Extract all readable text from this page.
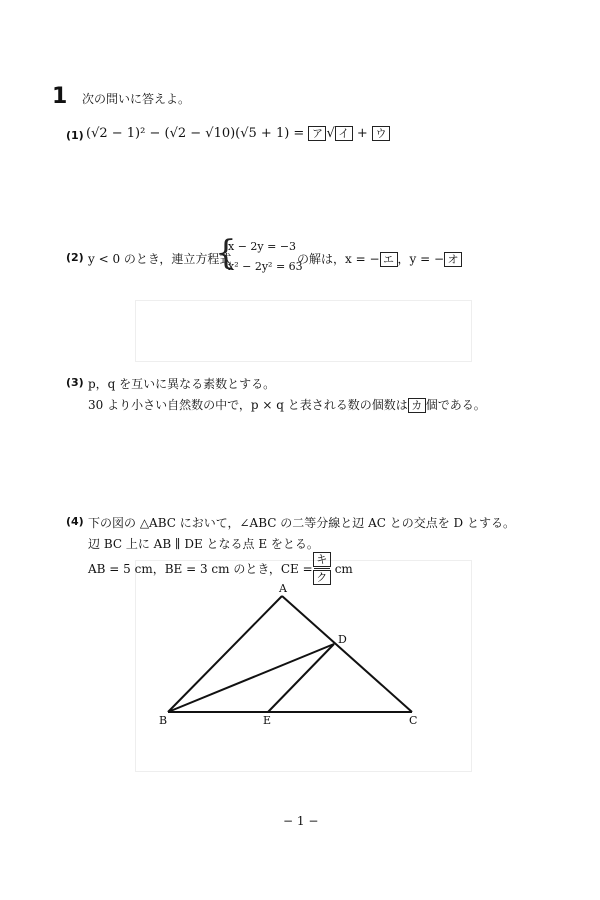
1 次の問いに答えよ。
(1) (√2 − 1)² − (√2 − √10)(√5 + 1) = ア √ イ + ウ
(2) y < 0 のとき，連立方程式
{
x − 2y = −3
x² − 2y² = 63
の解は，x = − エ ，y = − オ
(3) p，q を互いに異なる素数とする。
30 より小さい自然数の中で，p × q と表される数の個数は カ 個である。
(4) 下の図の △ABC において，∠ABC の二等分線と辺 AC との交点を D とする。
辺 BC 上に AB ∥ DE となる点 E をとる。
AB = 5 cm，BE = 3 cm のとき，CE = $\frac{\text{キ}}{\text{ク}}$ cm
A
B	C
D
E
− 1 −
